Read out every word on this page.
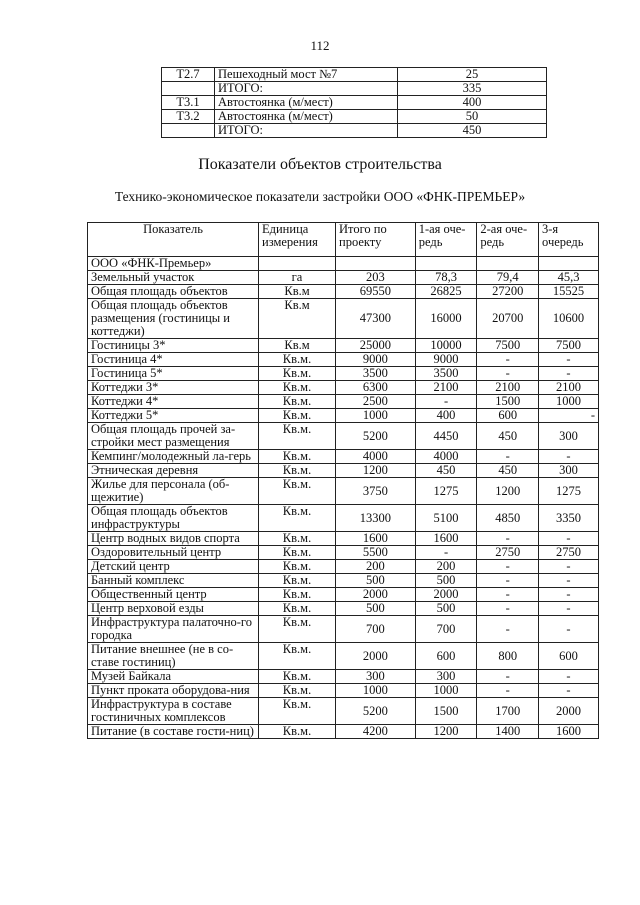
112
Т2.7	Пешеходный мост №7	25
	ИТОГО:	335
Т3.1	Автостоянка (м/мест)	400
Т3.2	Автостоянка (м/мест)	50
	ИТОГО:	450
Показатели объектов строительства
Технико-экономическое показатели застройки ООО «ФНК-ПРЕМЬЕР»
Показатель	Единица измерения	Итого по проекту	1-ая оче-редь	2-ая оче-редь	3-я очередь
ООО «ФНК-Премьер»					
Земельный участок	га	203	78,3	79,4	45,3
Общая площадь объектов	Кв.м	69550	26825	27200	15525
Общая площадь объектов размещения (гостиницы и коттеджи)	Кв.м	47300	16000	20700	10600
Гостиницы 3*	Кв.м	25000	10000	7500	7500
Гостиница 4*	Кв.м.	9000	9000	-	-
Гостиница 5*	Кв.м.	3500	3500	-	-
Коттеджи 3*	Кв.м.	6300	2100	2100	2100
Коттеджи 4*	Кв.м.	2500	-	1500	1000
Коттеджи 5*	Кв.м.	1000	400	600	-
Общая площадь прочей за-стройки мест размещения	Кв.м.	5200	4450	450	300
Кемпинг/молодежный ла-герь	Кв.м.	4000	4000	-	-
Этническая деревня	Кв.м.	1200	450	450	300
Жилье для персонала (об-щежитие)	Кв.м.	3750	1275	1200	1275
Общая площадь объектов инфраструктуры	Кв.м.	13300	5100	4850	3350
Центр водных видов спорта	Кв.м.	1600	1600	-	-
Оздоровительный центр	Кв.м.	5500	-	2750	2750
Детский центр	Кв.м.	200	200	-	-
Банный комплекс	Кв.м.	500	500	-	-
Общественный центр	Кв.м.	2000	2000	-	-
Центр верховой езды	Кв.м.	500	500	-	-
Инфраструктура палаточно-го городка	Кв.м.	700	700	-	-
Питание внешнее (не в со-ставе гостиниц)	Кв.м.	2000	600	800	600
Музей Байкала	Кв.м.	300	300	-	-
Пункт проката оборудова-ния	Кв.м.	1000	1000	-	-
Инфраструктура в составе гостиничных комплексов	Кв.м.	5200	1500	1700	2000
Питание (в составе гости-ниц)	Кв.м.	4200	1200	1400	1600
